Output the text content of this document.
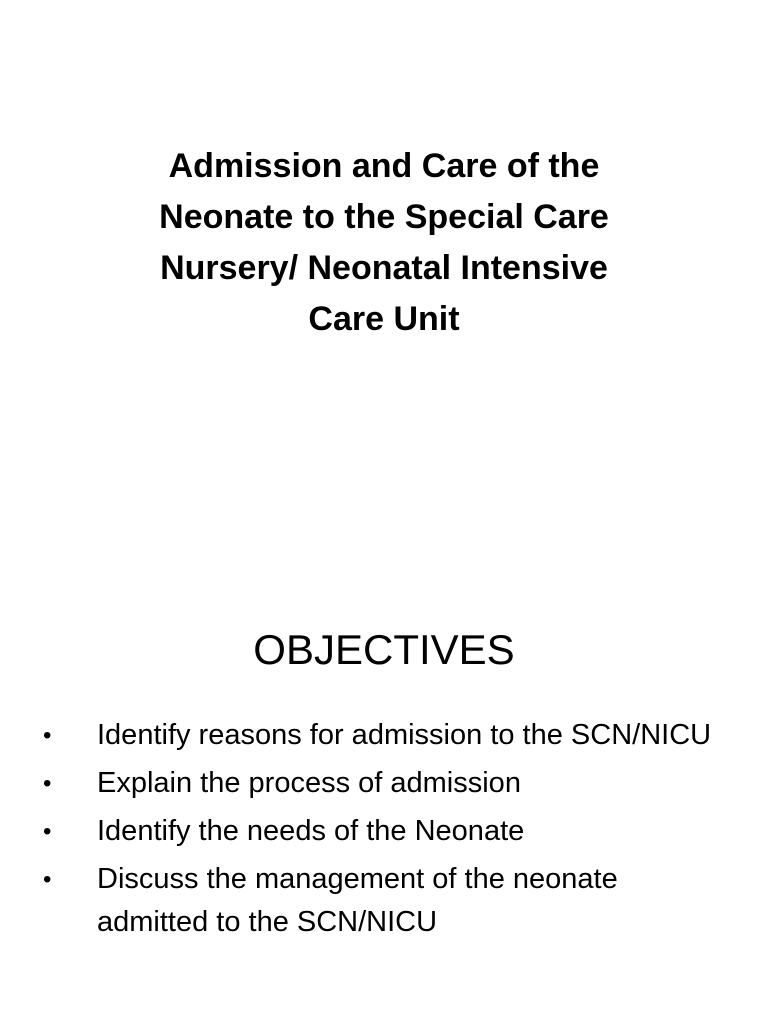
Admission and Care of the
Neonate to the Special Care
Nursery/ Neonatal Intensive
Care Unit
OBJECTIVES
• Identify reasons for admission to the SCN/NICU
• Explain the process of admission
• Identify the needs of the Neonate
• Discuss the management of the neonate admitted to the SCN/NICU
